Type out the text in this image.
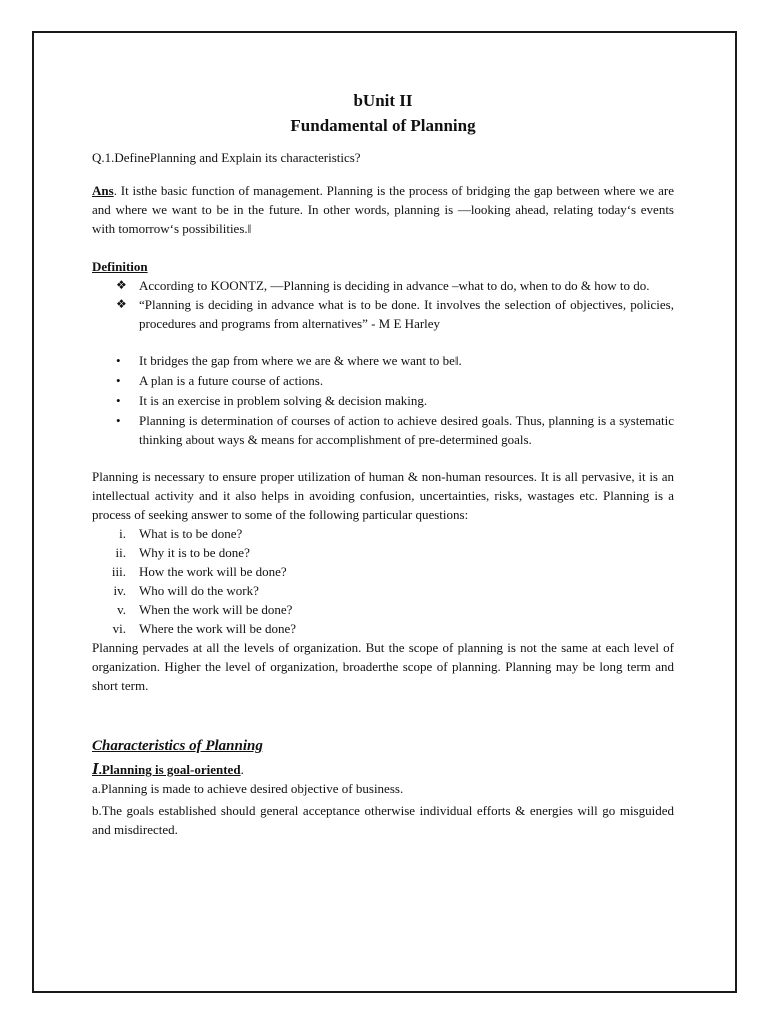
bUnit II

Fundamental of Planning

Q.1.DefinePlanning and Explain its characteristics?

Ans. It isthe basic function of management. Planning is the process of bridging the gap between where we are and where we want to be in the future. In other words, planning is —looking ahead, relating today‘s events with tomorrow‘s possibilities.‖

Definition

❖ According to KOONTZ, —Planning is deciding in advance –what to do, when to do & how to do.
❖ “Planning is deciding in advance what is to be done. It involves the selection of objectives, policies, procedures and programs from alternatives” - M E Harley
• It bridges the gap from where we are & where we want to be‖.
• A plan is a future course of actions.
• It is an exercise in problem solving & decision making.
• Planning is determination of courses of action to achieve desired goals. Thus, planning is a systematic thinking about ways & means for accomplishment of pre-determined goals.

Planning is necessary to ensure proper utilization of human & non-human resources. It is all pervasive, it is an intellectual activity and it also helps in avoiding confusion, uncertainties, risks, wastages etc. Planning is a process of seeking answer to some of the following particular questions:

i. What is to be done?
ii. Why it is to be done?
iii. How the work will be done?
iv. Who will do the work?
v. When the work will be done?
vi. Where the work will be done?

Planning pervades at all the levels of organization. But the scope of planning is not the same at each level of organization. Higher the level of organization, broaderthe scope of planning. Planning may be long term and short term.

Characteristics of Planning

I.Planning is goal-oriented.

a.Planning is made to achieve desired objective of business.

b.The goals established should general acceptance otherwise individual efforts & energies will go misguided and misdirected.
